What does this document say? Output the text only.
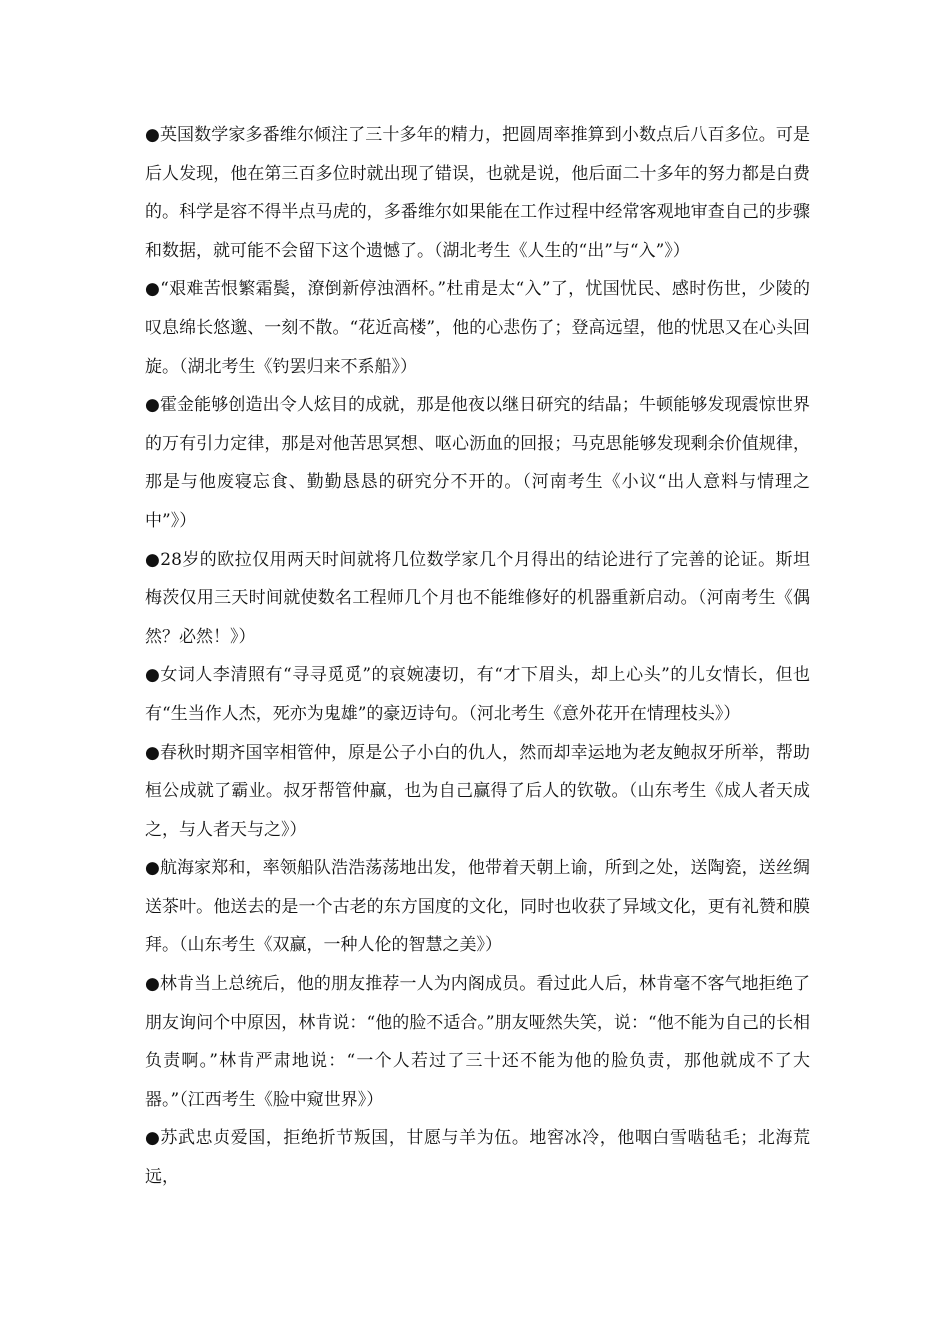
●英国数学家多番维尔倾注了三十多年的精力，把圆周率推算到小数点后八百多位。可是后人发现，他在第三百多位时就出现了错误，也就是说，他后面二十多年的努力都是白费的。科学是容不得半点马虎的，多番维尔如果能在工作过程中经常客观地审查自己的步骤和数据，就可能不会留下这个遗憾了。（湖北考生《人生的“出”与“入”》）

●“艰难苦恨繁霜鬓，潦倒新停浊酒杯。”杜甫是太“入”了，忧国忧民、感时伤世，少陵的叹息绵长悠邈、一刻不散。“花近高楼”，他的心悲伤了；登高远望，他的忧思又在心头回旋。（湖北考生《钓罢归来不系船》）

●霍金能够创造出令人炫目的成就，那是他夜以继日研究的结晶；牛顿能够发现震惊世界的万有引力定律，那是对他苦思冥想、呕心沥血的回报；马克思能够发现剩余价值规律，那是与他废寝忘食、勤勤恳恳的研究分不开的。（河南考生《小议“出人意料与情理之中”》）

●28岁的欧拉仅用两天时间就将几位数学家几个月得出的结论进行了完善的论证。斯坦梅茨仅用三天时间就使数名工程师几个月也不能维修好的机器重新启动。（河南考生《偶然？必然！》）

●女词人李清照有“寻寻觅觅”的哀婉凄切，有“才下眉头，却上心头”的儿女情长，但也有“生当作人杰，死亦为鬼雄”的豪迈诗句。（河北考生《意外花开在情理枝头》）

●春秋时期齐国宰相管仲，原是公子小白的仇人，然而却幸运地为老友鲍叔牙所举，帮助桓公成就了霸业。叔牙帮管仲赢，也为自己赢得了后人的钦敬。（山东考生《成人者天成之，与人者天与之》）

●航海家郑和，率领船队浩浩荡荡地出发，他带着天朝上谕，所到之处，送陶瓷，送丝绸送茶叶。他送去的是一个古老的东方国度的文化，同时也收获了异域文化，更有礼赞和膜拜。（山东考生《双赢，一种人伦的智慧之美》）

●林肯当上总统后，他的朋友推荐一人为内阁成员。看过此人后，林肯毫不客气地拒绝了朋友询问个中原因，林肯说：“他的脸不适合。”朋友哑然失笑，说：“他不能为自己的长相负责啊。”林肯严肃地说：“一个人若过了三十还不能为他的脸负责，那他就成不了大器。”（江西考生《脸中窥世界》）

●苏武忠贞爱国，拒绝折节叛国，甘愿与羊为伍。地窖冰冷，他咽白雪啮毡毛；北海荒远，
